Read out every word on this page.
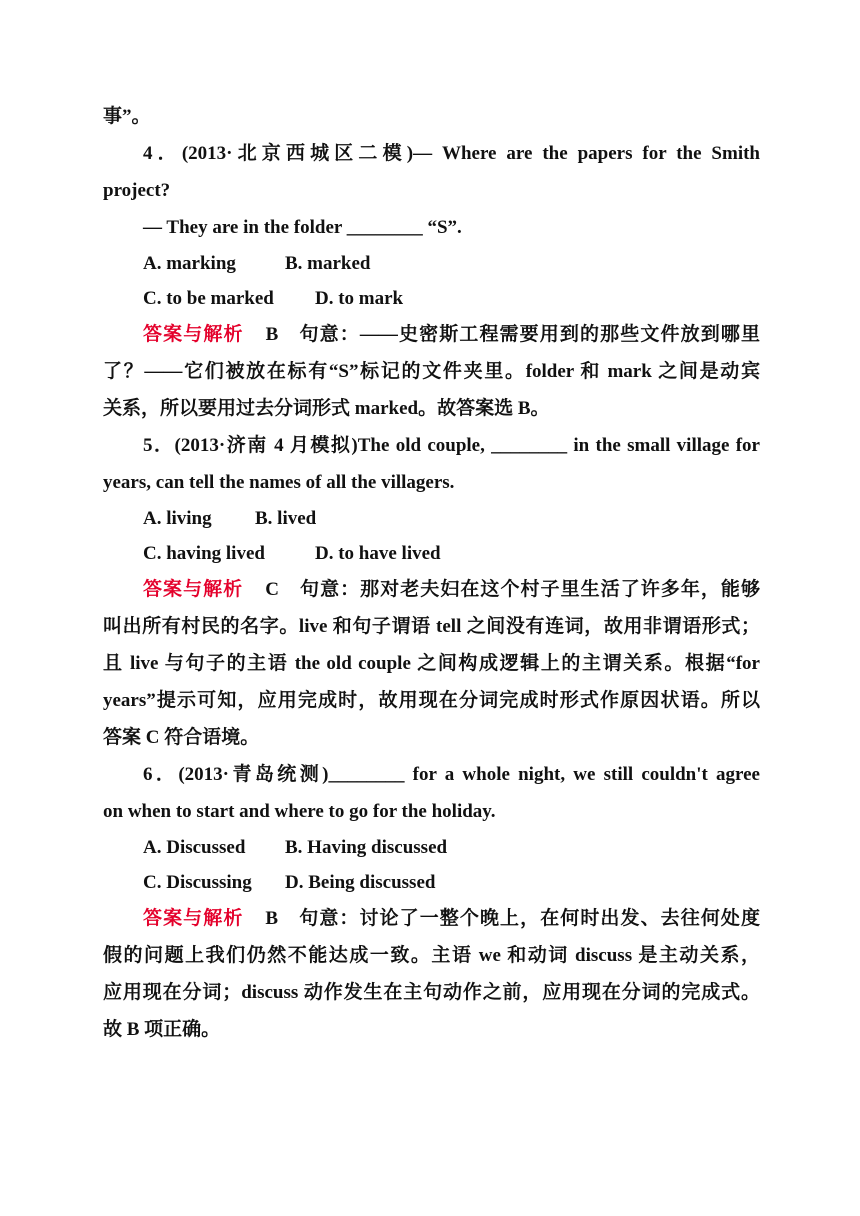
事”。
4．(2013·北京西城区二模)— Where are the papers for the Smith
project?
— They are in the folder ________ “S”.
A. marking	B. marked
C. to be marked D. to mark
答案与解析 B　句意：——史密斯工程需要用到的那些文件放到哪里
了？——它们被放在标有“S”标记的文件夹里。folder 和 mark 之间是动宾
关系，所以要用过去分词形式 marked。故答案选 B。
5．(2013·济南 4 月模拟)The old couple, ________ in the small village for
years, can tell the names of all the villagers.
A. living B. lived
C. having lived	D. to have lived
答案与解析 C　句意：那对老夫妇在这个村子里生活了许多年，能够
叫出所有村民的名字。live 和句子谓语 tell 之间没有连词，故用非谓语形式；
且 live 与句子的主语 the old couple 之间构成逻辑上的主谓关系。根据“for
years”提示可知，应用完成时，故用现在分词完成时形式作原因状语。所以
答案 C 符合语境。
6．(2013·青岛统测)________ for a whole night, we still couldn't agree
on when to start and where to go for the holiday.
A. Discussed B. Having discussed
C. Discussing D. Being discussed
答案与解析 B　句意：讨论了一整个晚上，在何时出发、去往何处度
假的问题上我们仍然不能达成一致。主语 we 和动词 discuss 是主动关系，
应用现在分词；discuss 动作发生在主句动作之前，应用现在分词的完成式。
故 B 项正确。
